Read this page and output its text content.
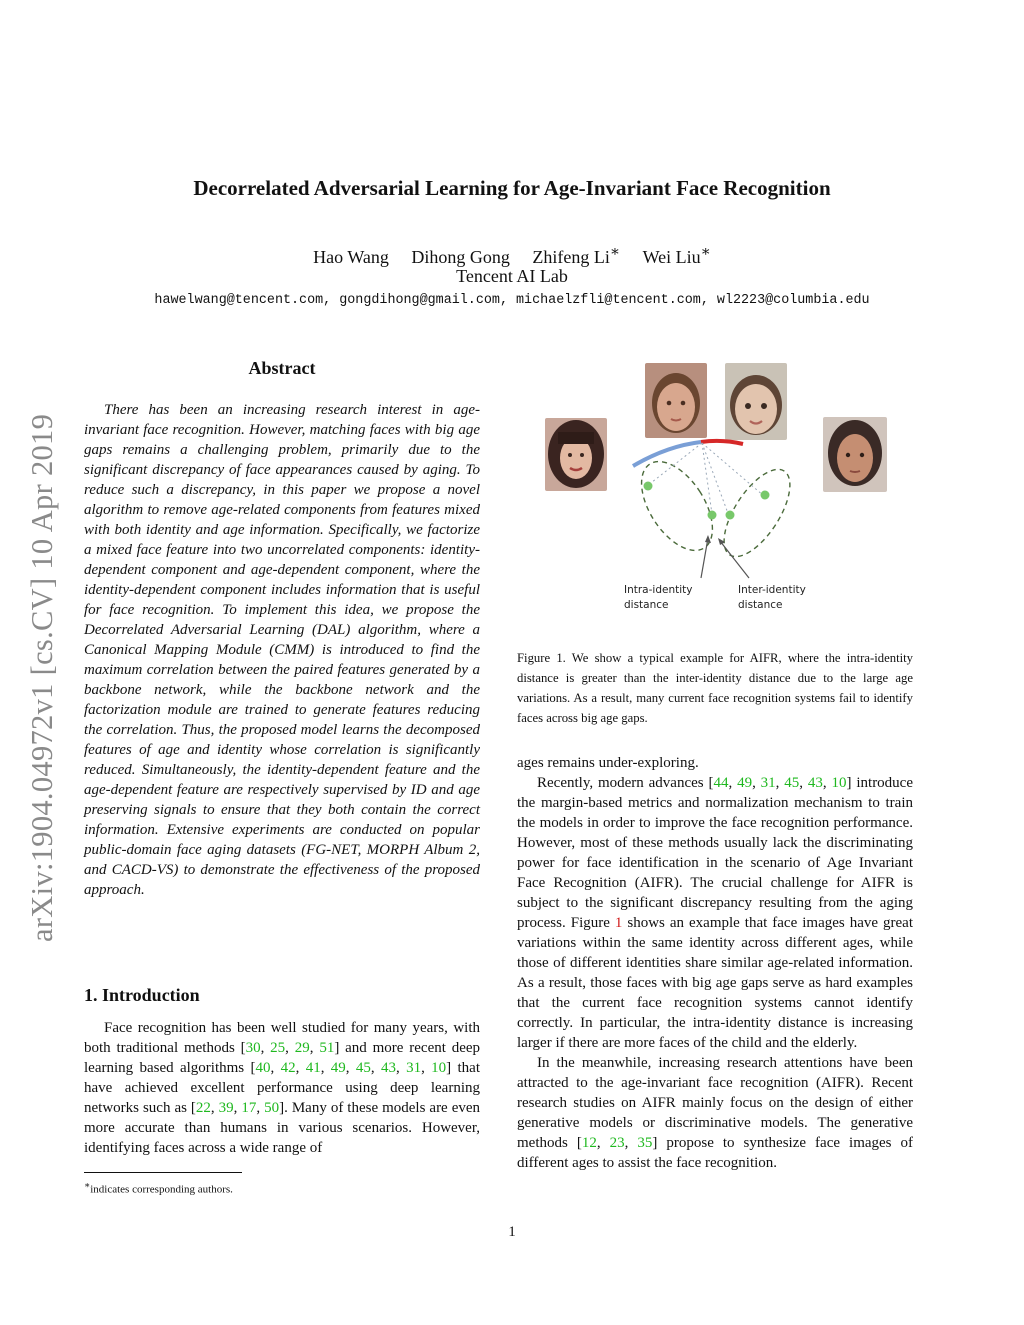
Decorrelated Adversarial Learning for Age-Invariant Face Recognition
Hao Wang Dihong Gong Zhifeng Li∗ Wei Liu∗
Tencent AI Lab
hawelwang@tencent.com, gongdihong@gmail.com, michaelzfli@tencent.com, wl2223@columbia.edu
arXiv:1904.04972v1 [cs.CV] 10 Apr 2019
Abstract
There has been an increasing research interest in age-invariant face recognition. However, matching faces with big age gaps remains a challenging problem, primarily due to the significant discrepancy of face appearances caused by aging. To reduce such a discrepancy, in this paper we propose a novel algorithm to remove age-related components from features mixed with both identity and age information. Specifically, we factorize a mixed face feature into two uncorrelated components: identity-dependent component and age-dependent component, where the identity-dependent component includes information that is useful for face recognition. To implement this idea, we propose the Decorrelated Adversarial Learning (DAL) algorithm, where a Canonical Mapping Module (CMM) is introduced to find the maximum correlation between the paired features generated by a backbone network, while the backbone network and the factorization module are trained to generate features reducing the correlation. Thus, the proposed model learns the decomposed features of age and identity whose correlation is significantly reduced. Simultaneously, the identity-dependent feature and the age-dependent feature are respectively supervised by ID and age preserving signals to ensure that they both contain the correct information. Extensive experiments are conducted on popular public-domain face aging datasets (FG-NET, MORPH Album 2, and CACD-VS) to demonstrate the effectiveness of the proposed approach.
1. Introduction
Face recognition has been well studied for many years, with both traditional methods [30, 25, 29, 51] and more recent deep learning based algorithms [40, 42, 41, 49, 45, 43, 31, 10] that have achieved excellent performance using deep learning networks such as [22, 39, 17, 50]. Many of these models are even more accurate than humans in various scenarios. However, identifying faces across a wide range of
∗indicates corresponding authors.
Intra-identity
distance
Inter-identity
distance
Figure 1. We show a typical example for AIFR, where the intra-identity distance is greater than the inter-identity distance due to the large age variations. As a result, many current face recognition systems fail to identify faces across big age gaps.

ages remains under-exploring.

Recently, modern advances [44, 49, 31, 45, 43, 10] introduce the margin-based metrics and normalization mechanism to train the models in order to improve the face recognition performance. However, most of these methods usually lack the discriminating power for face identification in the scenario of Age Invariant Face Recognition (AIFR). The crucial challenge for AIFR is subject to the significant discrepancy resulting from the aging process. Figure 1 shows an example that face images have great variations within the same identity across different ages, while those of different identities share similar age-related information. As a result, those faces with big age gaps serve as hard examples that the current face recognition systems cannot identify correctly. In particular, the intra-identity distance is increasing larger if there are more faces of the child and the elderly.

In the meanwhile, increasing research attentions have been attracted to the age-invariant face recognition (AIFR). Recent research studies on AIFR mainly focus on the design of either generative models or discriminative models. The generative methods [12, 23, 35] propose to synthesize face images of different ages to assist the face recognition.

1
